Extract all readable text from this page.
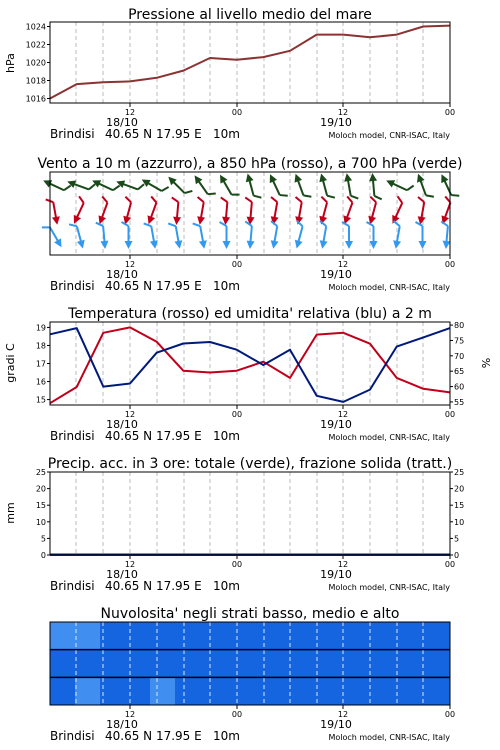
Pressione al livello medio del mare
12	00	12	00
18/10	19/10
Brindisi 40.65 N 17.95 E 10m	Moloch model, CNR-ISAC, Italy
1016
1018
1020
1022
1024
hPa
Vento a 10 m (azzurro), a 850 hPa (rosso), a 700 hPa (verde)
12	00	12	00
18/10	19/10
Brindisi 40.65 N 17.95 E 10m	Moloch model, CNR-ISAC, Italy
Temperatura (rosso) ed umidita' relativa (blu) a 2 m
12	00	12	00
18/10	19/10
Brindisi 40.65 N 17.95 E 10m	Moloch model, CNR-ISAC, Italy
15
16
17
18
19
55
60
65
70
75
80
gradi C	%
Precip. acc. in 3 ore: totale (verde), frazione solida (tratt.)
12	00	12	00
18/10	19/10
Brindisi 40.65 N 17.95 E 10m	Moloch model, CNR-ISAC, Italy
0
5
10
15
20
25
0
5
10
15
20
25
mm
Nuvolosita' negli strati basso, medio e alto
12	00	12	00
18/10	19/10
Brindisi 40.65 N 17.95 E 10m	Moloch model, CNR-ISAC, Italy
